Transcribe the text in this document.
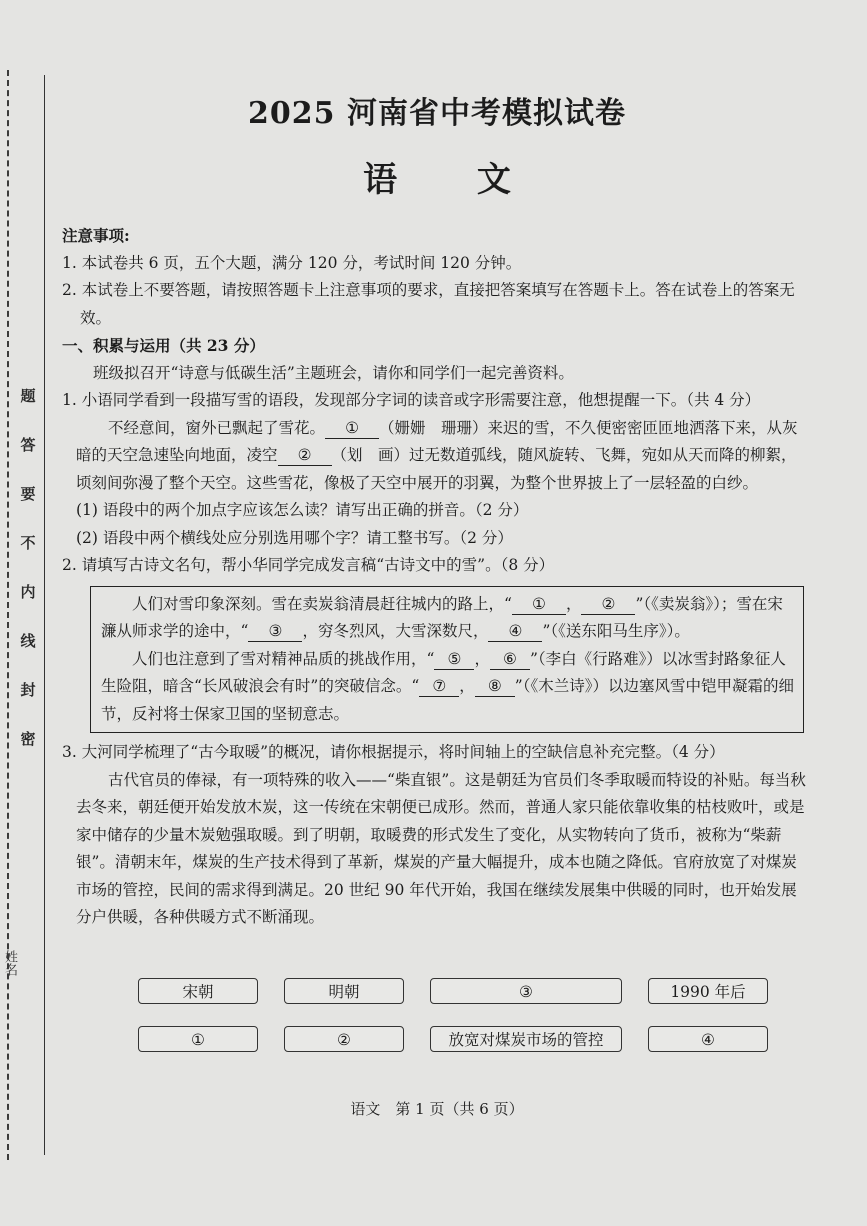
题
答
要
不
内
线
封
密
姓名
2025 河南省中考模拟试卷
语 文

注意事项:

1. 本试卷共 6 页，五个大题，满分 120 分，考试时间 120 分钟。

2. 本试卷上不要答题，请按照答题卡上注意事项的要求，直接把答案填写在答题卡上。答在试卷上的答案无效。

一、积累与运用（共 23 分）

班级拟召开“诗意与低碳生活”主题班会，请你和同学们一起完善资料。

1. 小语同学看到一段描写雪的语段，发现部分字词的读音或字形需要注意，他想提醒一下。（共 4 分）

不经意间，窗外已飘起了雪花。 ① （姗姗　珊珊）来迟的雪，不久便密密匝匝地洒落下来，从灰暗的天空急速坠向地面，凌空 ② （划　画）过无数道弧线，随风旋转、飞舞，宛如从天而降的柳絮，顷刻间弥漫了整个天空。这些雪花，像极了天空中展开的羽翼，为整个世界披上了一层轻盈的白纱。

(1) 语段中的两个加点字应该怎么读？请写出正确的拼音。（2 分）

(2) 语段中两个横线处应分别选用哪个字？请工整书写。（2 分）

2. 请填写古诗文名句，帮小华同学完成发言稿“古诗文中的雪”。（8 分）

人们对雪印象深刻。雪在卖炭翁清晨赶往城内的路上，“ ① ， ② ”（《卖炭翁》）；雪在宋濂从师求学的途中，“ ③ ，穷冬烈风，大雪深数尺， ④ ”（《送东阳马生序》）。

人们也注意到了雪对精神品质的挑战作用，“ ⑤ ， ⑥ ”（李白《行路难》）以冰雪封路象征人生险阻，暗含“长风破浪会有时”的突破信念。“ ⑦ ， ⑧ ”（《木兰诗》）以边塞风雪中铠甲凝霜的细节，反衬将士保家卫国的坚韧意志。

3. 大河同学梳理了“古今取暖”的概况，请你根据提示，将时间轴上的空缺信息补充完整。（4 分）

古代官员的俸禄，有一项特殊的收入——“柴直银”。这是朝廷为官员们冬季取暖而特设的补贴。每当秋去冬来，朝廷便开始发放木炭，这一传统在宋朝便已成形。然而，普通人家只能依靠收集的枯枝败叶，或是家中储存的少量木炭勉强取暖。到了明朝，取暖费的形式发生了变化，从实物转向了货币，被称为“柴薪银”。清朝末年，煤炭的生产技术得到了革新，煤炭的产量大幅提升，成本也随之降低。官府放宽了对煤炭市场的管控，民间的需求得到满足。20 世纪 90 年代开始，我国在继续发展集中供暖的同时，也开始发展分户供暖，各种供暖方式不断涌现。

宋朝	明朝	③	1990 年后
①	②	放宽对煤炭市场的管控	④
语文　第 1 页（共 6 页）
